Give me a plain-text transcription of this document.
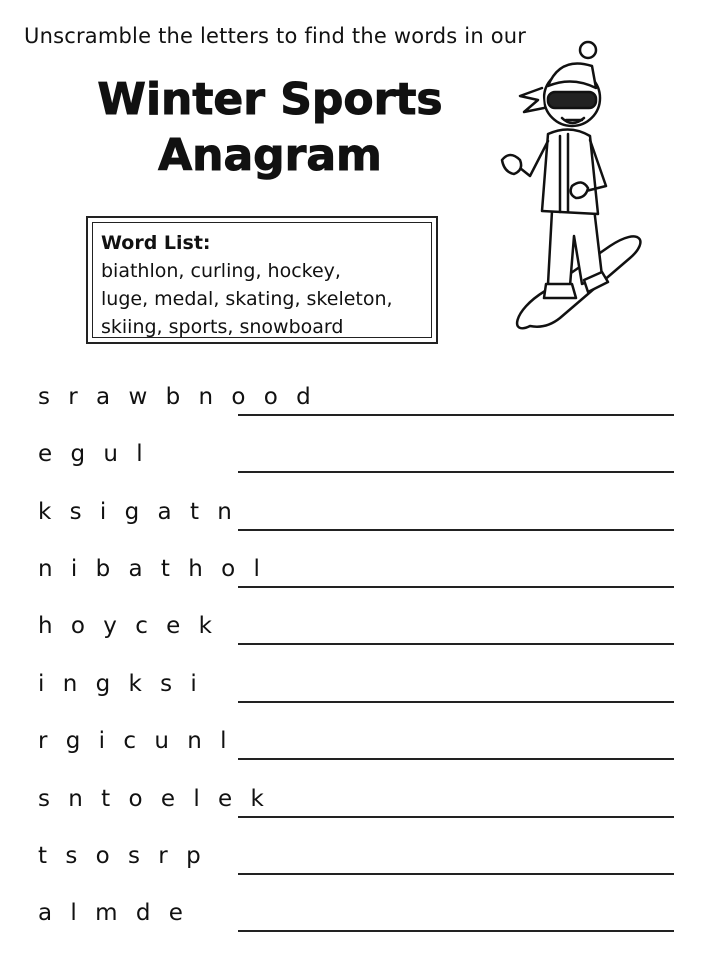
Unscramble the letters to find the words in our
Winter Sports
Anagram
Word List:
biathlon, curling, hockey,
luge, medal, skating, skeleton,
skiing, sports, snowboard
s r a w b n o o d
e g u l
k s i g a t n
n i b a t h o l
h o y c e k
i n g k s i
r g i c u n l
s n t o e l e k
t s o s r p
a l m d e
